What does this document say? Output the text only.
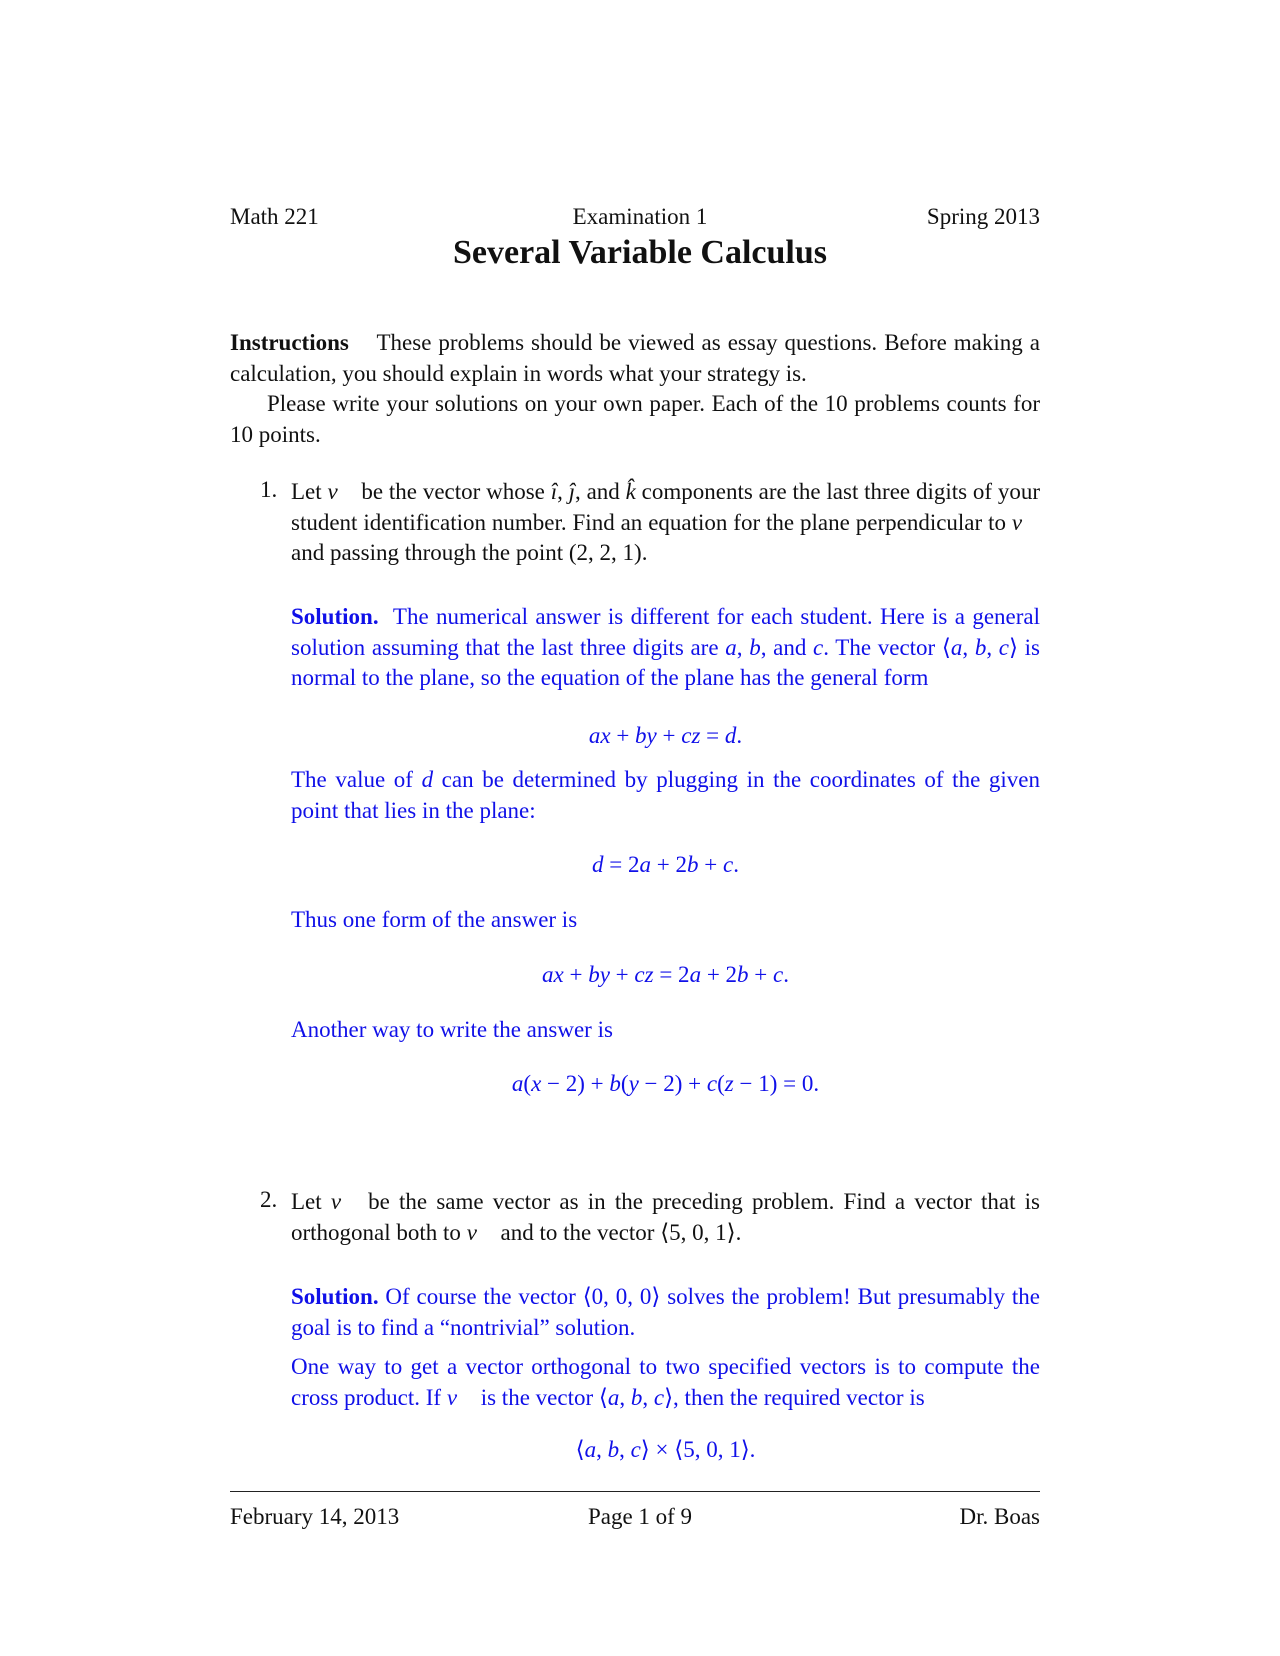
Math 221	Examination 1	Spring 2013
Several Variable Calculus
Instructions These problems should be viewed as essay questions. Before making a calculation, you should explain in words what your strategy is.
Please write your solutions on your own paper. Each of the 10 problems counts for 10 points.
1. Let v⃗ be the vector whose î, ĵ, and k̂ components are the last three digits of your student identification number. Find an equation for the plane perpendicular to v⃗ and passing through the point (2, 2, 1).
Solution.  The numerical answer is different for each student. Here is a general solution assuming that the last three digits are a, b, and c. The vector ⟨a, b, c⟩ is normal to the plane, so the equation of the plane has the general form
ax + by + cz = d.
The value of d can be determined by plugging in the coordinates of the given point that lies in the plane:
d = 2a + 2b + c.
Thus one form of the answer is
ax + by + cz = 2a + 2b + c.
Another way to write the answer is
a(x − 2) + b(y − 2) + c(z − 1) = 0.
2. Let v⃗ be the same vector as in the preceding problem. Find a vector that is orthogonal both to v⃗ and to the vector ⟨5, 0, 1⟩.
Solution. Of course the vector ⟨0, 0, 0⟩ solves the problem! But presumably the goal is to find a “nontrivial” solution.
One way to get a vector orthogonal to two specified vectors is to compute the cross product. If v⃗ is the vector ⟨a, b, c⟩, then the required vector is
⟨a, b, c⟩ × ⟨5, 0, 1⟩.
February 14, 2013	Page 1 of 9	Dr. Boas
